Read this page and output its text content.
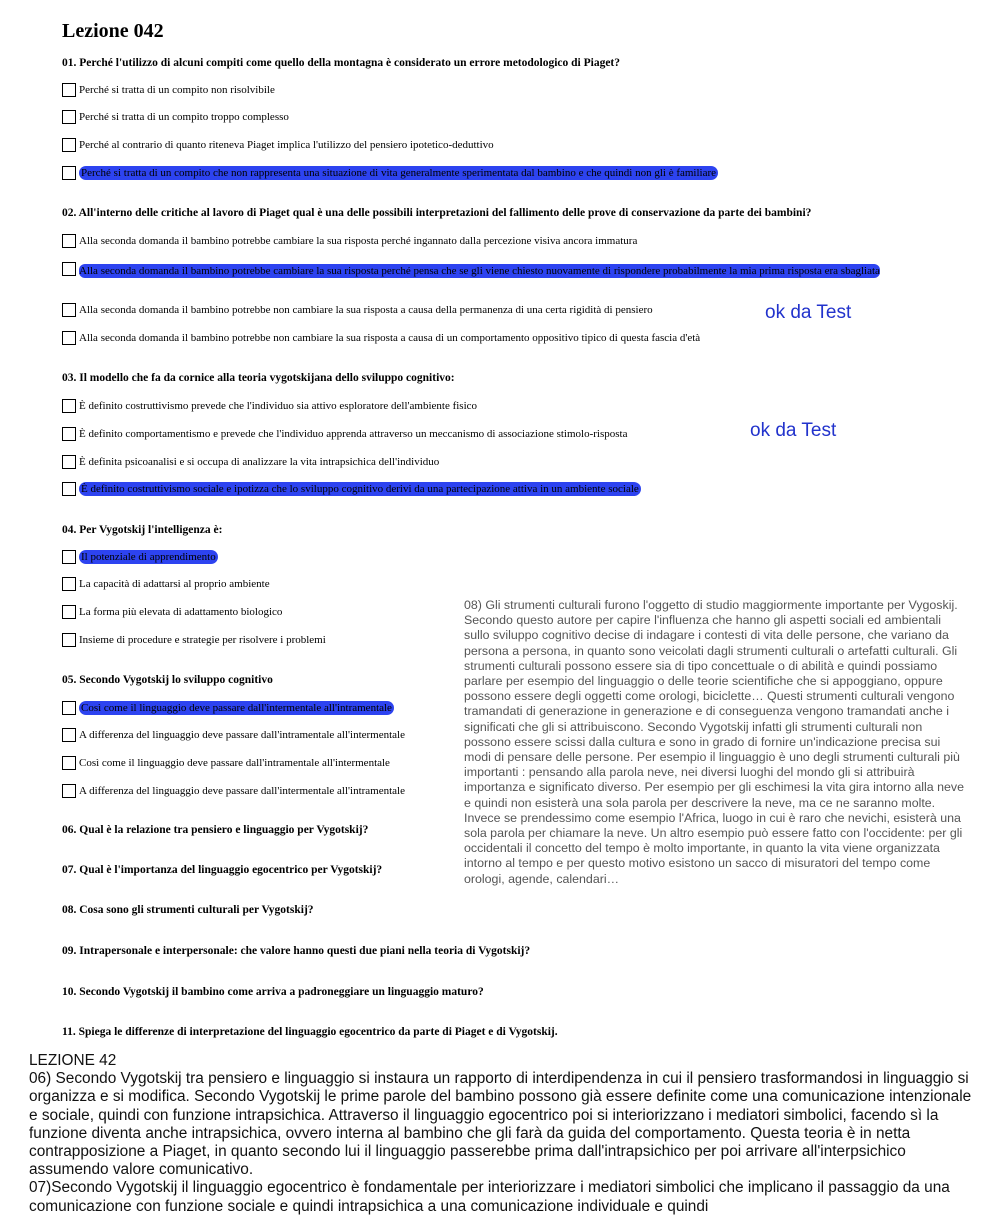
Lezione 042
01. Perché l'utilizzo di alcuni compiti come quello della montagna è considerato un errore metodologico di Piaget?
Perché si tratta di un compito non risolvibile
Perché si tratta di un compito troppo complesso
Perché al contrario di quanto riteneva Piaget implica l'utilizzo del pensiero ipotetico-deduttivo
Perché si tratta di un compito che non rappresenta una situazione di vita generalmente sperimentata dal bambino e che quindi non gli è familiare
02. All'interno delle critiche al lavoro di Piaget qual è una delle possibili interpretazioni del fallimento delle prove di conservazione da parte dei bambini?
Alla seconda domanda il bambino potrebbe cambiare la sua risposta perché ingannato dalla percezione visiva ancora immatura
Alla seconda domanda il bambino potrebbe cambiare la sua risposta perché pensa che se gli viene chiesto nuovamente di rispondere probabilmente la mia prima risposta era sbagliata
Alla seconda domanda il bambino potrebbe non cambiare la sua risposta a causa della permanenza di una certa rigidità di pensiero	ok da Test
Alla seconda domanda il bambino potrebbe non cambiare la sua risposta a causa di un comportamento oppositivo tipico di questa fascia d'età
03. Il modello che fa da cornice alla teoria vygotskijana dello sviluppo cognitivo:
È definito costruttivismo prevede che l'individuo sia attivo esploratore dell'ambiente fisico
È definito comportamentismo e prevede che l'individuo apprenda attraverso un meccanismo di associazione stimolo-risposta	ok da Test
È definita psicoanalisi e si occupa di analizzare la vita intrapsichica dell'individuo
È definito costruttivismo sociale e ipotizza che lo sviluppo cognitivo derivi da una partecipazione attiva in un ambiente sociale
04. Per Vygotskij l'intelligenza è:
Il potenziale di apprendimento
La capacità di adattarsi al proprio ambiente
La forma più elevata di adattamento biologico
Insieme di procedure e strategie per risolvere i problemi
05. Secondo Vygotskij lo sviluppo cognitivo
Così come il linguaggio deve passare dall'intermentale all'intramentale
A differenza del linguaggio deve passare dall'intramentale all'intermentale
Così come il linguaggio deve passare dall'intramentale all'intermentale
A differenza del linguaggio deve passare dall'intermentale all'intramentale
06. Qual è la relazione tra pensiero e linguaggio per Vygotskij?
07. Qual è l'importanza del linguaggio egocentrico per Vygotskij?
08. Cosa sono gli strumenti culturali per Vygotskij?
09. Intrapersonale e interpersonale: che valore hanno questi due piani nella teoria di Vygotskij?
10. Secondo Vygotskij il bambino come arriva a padroneggiare un linguaggio maturo?
11. Spiega le differenze di interpretazione del linguaggio egocentrico da parte di Piaget e di Vygotskij.
08) Gli strumenti culturali furono l'oggetto di studio maggiormente importante per Vygoskij. Secondo questo autore per capire l'influenza che hanno gli aspetti sociali ed ambientali sullo sviluppo cognitivo decise di indagare i contesti di vita delle persone, che variano da persona a persona, in quanto sono veicolati dagli strumenti culturali o artefatti culturali. Gli strumenti culturali possono essere sia di tipo concettuale o di abilità e quindi possiamo parlare per esempio del linguaggio o delle teorie scientifiche che si appoggiano, oppure possono essere degli oggetti come orologi, biciclette… Questi strumenti culturali vengono tramandati di generazione in generazione e di conseguenza vengono tramandati anche i significati che gli si attribuiscono. Secondo Vygotskij infatti gli strumenti culturali non possono essere scissi dalla cultura e sono in grado di fornire un'indicazione precisa sui modi di pensare delle persone. Per esempio il linguaggio è uno degli strumenti culturali più importanti : pensando alla parola neve, nei diversi luoghi del mondo gli si attribuirà importanza e significato diverso. Per esempio per gli eschimesi la vita gira intorno alla neve e quindi non esisterà una sola parola per descrivere la neve, ma ce ne saranno molte. Invece se prendessimo come esempio l'Africa, luogo in cui è raro che nevichi, esisterà una sola parola per chiamare la neve. Un altro esempio può essere fatto con l'occidente: per gli occidentali il concetto del tempo è molto importante, in quanto la vita viene organizzata intorno al tempo e per questo motivo esistono un sacco di misuratori del tempo come orologi, agende, calendari…
LEZIONE 42
06) Secondo Vygotskij tra pensiero e linguaggio si instaura un rapporto di interdipendenza in cui il pensiero trasformandosi in linguaggio si organizza e si modifica. Secondo Vygotskij le prime parole del bambino possono già essere definite come una comunicazione intenzionale e sociale, quindi con funzione intrapsichica. Attraverso il linguaggio egocentrico poi si interiorizzano i mediatori simbolici, facendo sì la funzione diventa anche intrapsichica, ovvero interna al bambino che gli farà da guida del comportamento. Questa teoria è in netta contrapposizione a Piaget, in quanto secondo lui il linguaggio passerebbe prima dall'intrapsichico per poi arrivare all'interpsichico assumendo valore comunicativo.
07)Secondo Vygotskij il linguaggio egocentrico è fondamentale per interiorizzare i mediatori simbolici che implicano il passaggio da una comunicazione con funzione sociale e quindi intrapsichica a una comunicazione individuale e quindi
